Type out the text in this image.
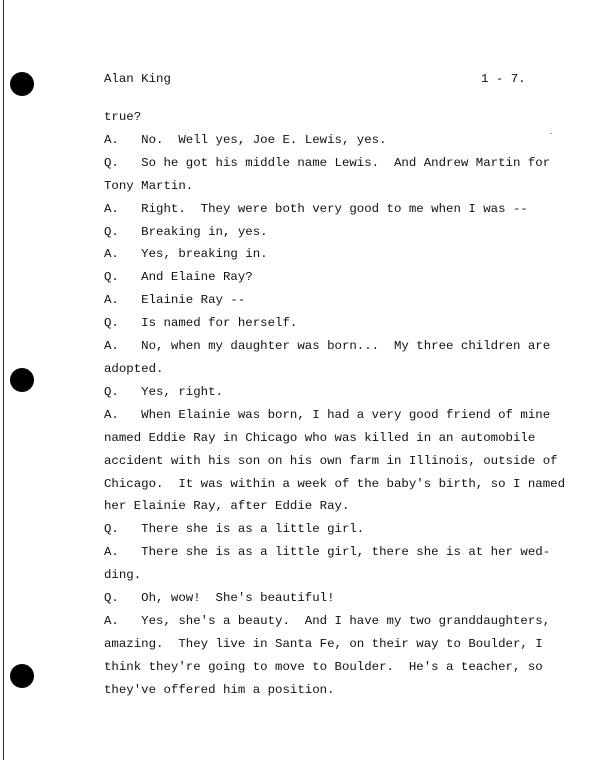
Alan King	1 - 7.

true?

A.   No.  Well yes, Joe E. Lewis, yes.

Q.   So he got his middle name Lewis.  And Andrew Martin for

Tony Martin.

A.   Right.  They were both very good to me when I was --

Q.   Breaking in, yes.

A.   Yes, breaking in.

Q.   And Elaine Ray?

A.   Elainie Ray --

Q.   Is named for herself.

A.   No, when my daughter was born...  My three children are

adopted.

Q.   Yes, right.

A.   When Elainie was born, I had a very good friend of mine

named Eddie Ray in Chicago who was killed in an automobile

accident with his son on his own farm in Illinois, outside of

Chicago.  It was within a week of the baby's birth, so I named

her Elainie Ray, after Eddie Ray.

Q.   There she is as a little girl.

A.   There she is as a little girl, there she is at her wed-

ding.

Q.   Oh, wow!  She's beautiful!

A.   Yes, she's a beauty.  And I have my two granddaughters,

amazing.  They live in Santa Fe, on their way to Boulder, I

think they're going to move to Boulder.  He's a teacher, so

they've offered him a position.
